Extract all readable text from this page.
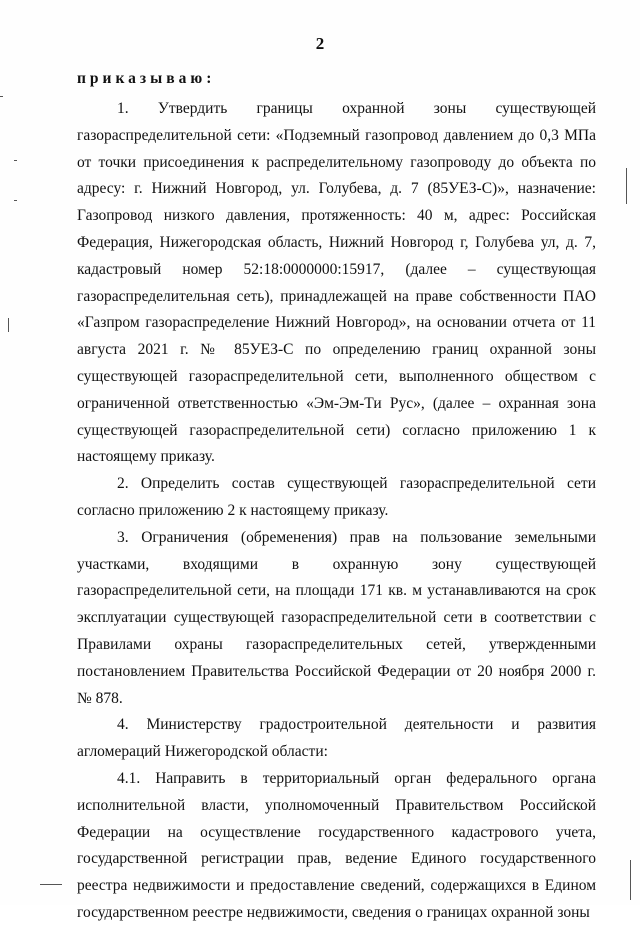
2
приказываю:

1. Утвердить границы охранной зоны существующей газораспределительной сети: «Подземный газопровод давлением до 0,3 МПа от точки присоединения к распределительному газопроводу до объекта по адресу: г. Нижний Новгород, ул. Голубева, д. 7 (85УЕЗ-С)», назначение: Газопровод низкого давления, протяженность: 40 м, адрес: Российская Федерация, Нижегородская область, Нижний Новгород г, Голубева ул, д. 7, кадастровый номер 52:18:0000000:15917, (далее – существующая газораспределительная сеть), принадлежащей на праве собственности ПАО «Газпром газораспределение Нижний Новгород», на основании отчета от 11 августа 2021 г. № 85УЕЗ-С по определению границ охранной зоны существующей газораспределительной сети, выполненного обществом с ограниченной ответственностью «Эм-Эм-Ти Рус», (далее – охранная зона существующей газораспределительной сети) согласно приложению 1 к настоящему приказу.

2. Определить состав существующей газораспределительной сети согласно приложению 2 к настоящему приказу.

3. Ограничения (обременения) прав на пользование земельными участками, входящими в охранную зону существующей газораспределительной сети, на площади 171 кв. м устанавливаются на срок эксплуатации существующей газораспределительной сети в соответствии с Правилами охраны газораспределительных сетей, утвержденными постановлением Правительства Российской Федерации от 20 ноября 2000 г. № 878.

4. Министерству градостроительной деятельности и развития агломераций Нижегородской области:

4.1. Направить в территориальный орган федерального органа исполнительной власти, уполномоченный Правительством Российской Федерации на осуществление государственного кадастрового учета, государственной регистрации прав, ведение Единого государственного реестра недвижимости и предоставление сведений, содержащихся в Едином государственном реестре недвижимости, сведения о границах охранной зоны
